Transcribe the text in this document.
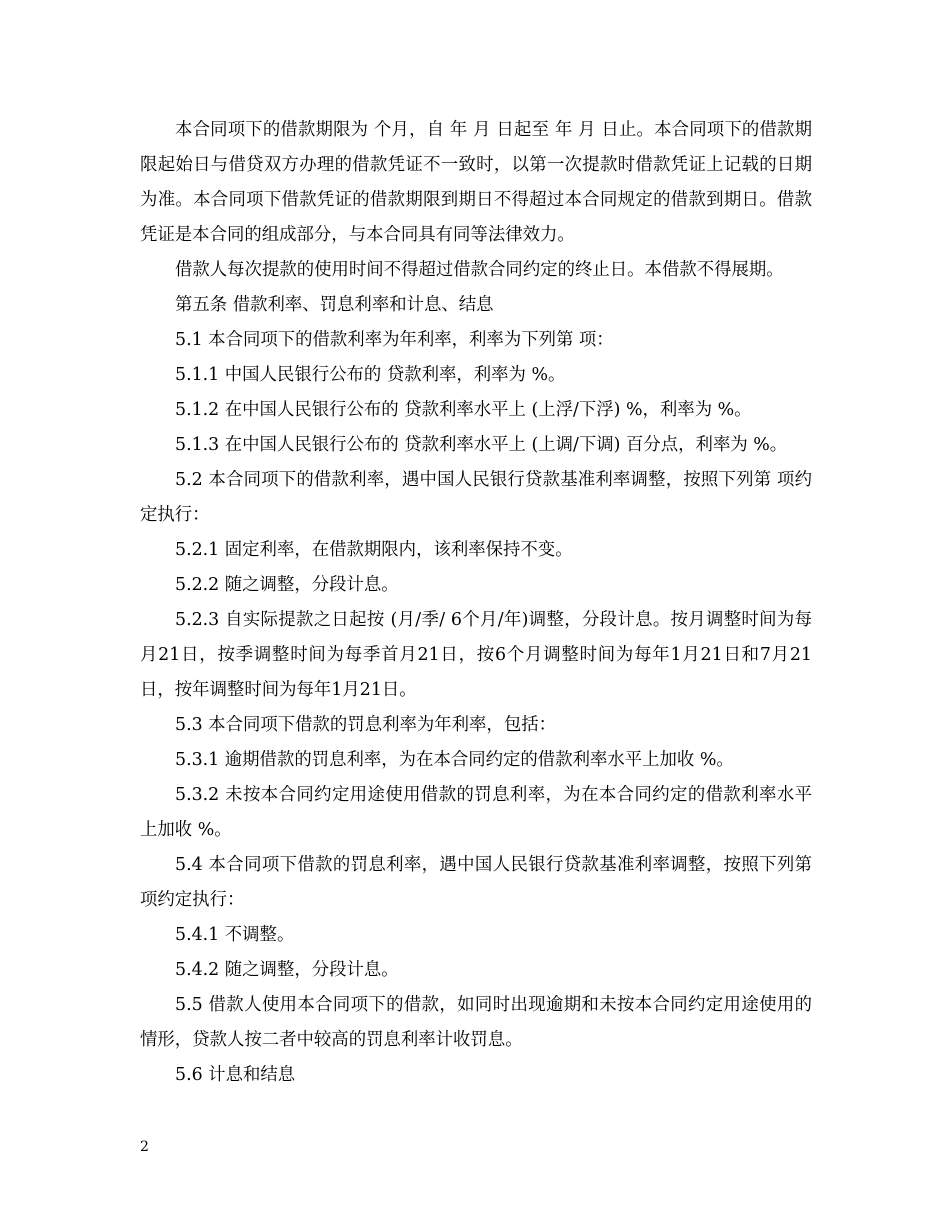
本合同项下的借款期限为 个月，自 年 月 日起至 年 月 日止。本合同项下的借款期限起始日与借贷双方办理的借款凭证不一致时，以第一次提款时借款凭证上记载的日期为准。本合同项下借款凭证的借款期限到期日不得超过本合同规定的借款到期日。借款凭证是本合同的组成部分，与本合同具有同等法律效力。

借款人每次提款的使用时间不得超过借款合同约定的终止日。本借款不得展期。

第五条 借款利率、罚息利率和计息、结息

5.1 本合同项下的借款利率为年利率，利率为下列第 项：

5.1.1 中国人民银行公布的 贷款利率，利率为 %。

5.1.2 在中国人民银行公布的 贷款利率水平上 (上浮/下浮) %，利率为 %。

5.1.3 在中国人民银行公布的 贷款利率水平上 (上调/下调) 百分点，利率为 %。

5.2 本合同项下的借款利率，遇中国人民银行贷款基准利率调整，按照下列第 项约定执行：

5.2.1 固定利率，在借款期限内，该利率保持不变。

5.2.2 随之调整，分段计息。

5.2.3 自实际提款之日起按 (月/季/ 6个月/年)调整，分段计息。按月调整时间为每月21日，按季调整时间为每季首月21日，按6个月调整时间为每年1月21日和7月21日，按年调整时间为每年1月21日。

5.3 本合同项下借款的罚息利率为年利率，包括：

5.3.1 逾期借款的罚息利率，为在本合同约定的借款利率水平上加收 %。

5.3.2 未按本合同约定用途使用借款的罚息利率，为在本合同约定的借款利率水平上加收 %。

5.4 本合同项下借款的罚息利率，遇中国人民银行贷款基准利率调整，按照下列第 项约定执行：

5.4.1 不调整。

5.4.2 随之调整，分段计息。

5.5 借款人使用本合同项下的借款，如同时出现逾期和未按本合同约定用途使用的情形，贷款人按二者中较高的罚息利率计收罚息。

5.6 计息和结息

2
